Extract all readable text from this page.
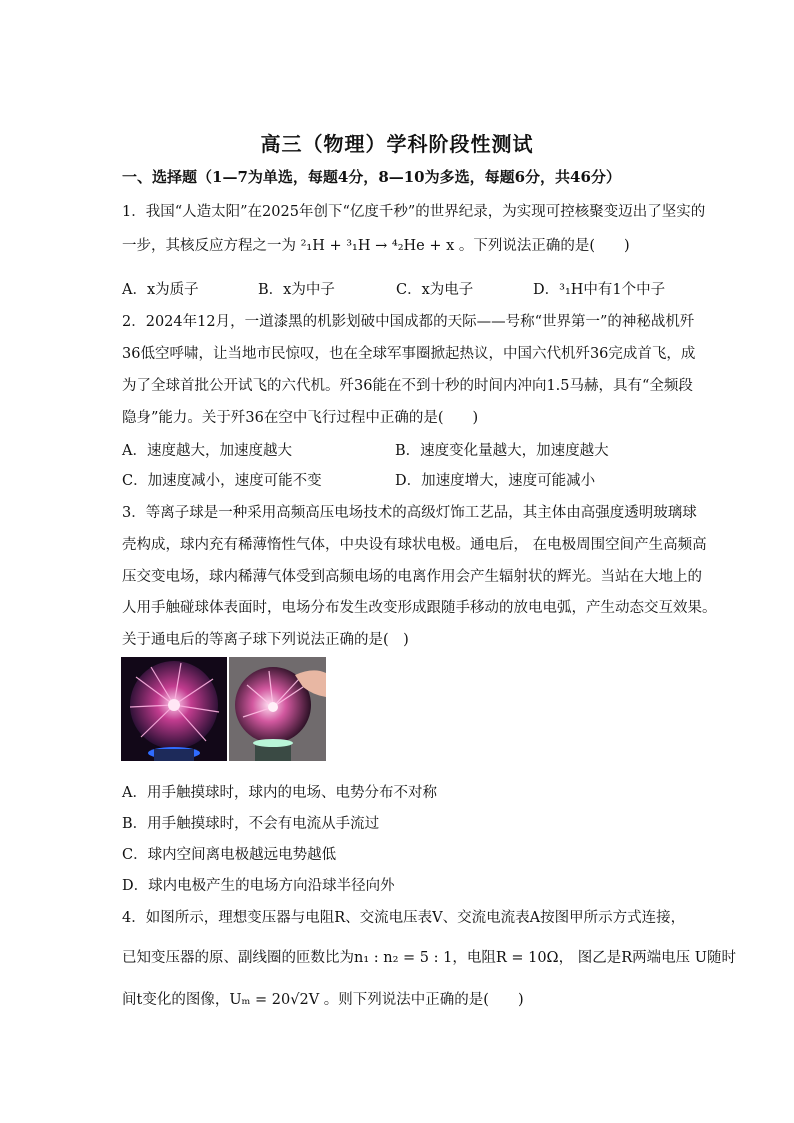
高三（物理）学科阶段性测试
一、选择题（1—7为单选，每题4分，8—10为多选，每题6分，共46分）
1．我国“人造太阳”在2025年创下“亿度千秒”的世界纪录，为实现可控核聚变迈出了坚实的
一步，其核反应方程之一为 ²₁H + ³₁H → ⁴₂He + x 。下列说法正确的是(　　)
A．x为质子	B．x为中子	C．x为电子	D．³₁H中有1个中子
2．2024年12月，一道漆黑的机影划破中国成都的天际——号称“世界第一”的神秘战机歼
36低空呼啸，让当地市民惊叹，也在全球军事圈掀起热议，中国六代机歼36完成首飞，成
为了全球首批公开试飞的六代机。歼36能在不到十秒的时间内冲向1.5马赫，具有“全频段
隐身”能力。关于歼36在空中飞行过程中正确的是(　　)
A．速度越大，加速度越大	B．速度变化量越大，加速度越大
C．加速度减小，速度可能不变	D．加速度增大，速度可能减小
3．等离子球是一种采用高频高压电场技术的高级灯饰工艺品，其主体由高强度透明玻璃球
壳构成，球内充有稀薄惰性气体，中央设有球状电极。通电后， 在电极周围空间产生高频高
压交变电场，球内稀薄气体受到高频电场的电离作用会产生辐射状的辉光。当站在大地上的
人用手触碰球体表面时，电场分布发生改变形成跟随手移动的放电电弧，产生动态交互效果。
关于通电后的等离子球下列说法正确的是(　)
A．用手触摸球时，球内的电场、电势分布不对称
B．用手触摸球时，不会有电流从手流过
C．球内空间离电极越远电势越低
D．球内电极产生的电场方向沿球半径向外
4．如图所示，理想变压器与电阻R、交流电压表V、交流电流表A按图甲所示方式连接，
已知变压器的原、副线圈的匝数比为n₁ : n₂ = 5 : 1，电阻R = 10Ω， 图乙是R两端电压 U随时
间t变化的图像，Uₘ = 20√2V 。则下列说法中正确的是(　　)
